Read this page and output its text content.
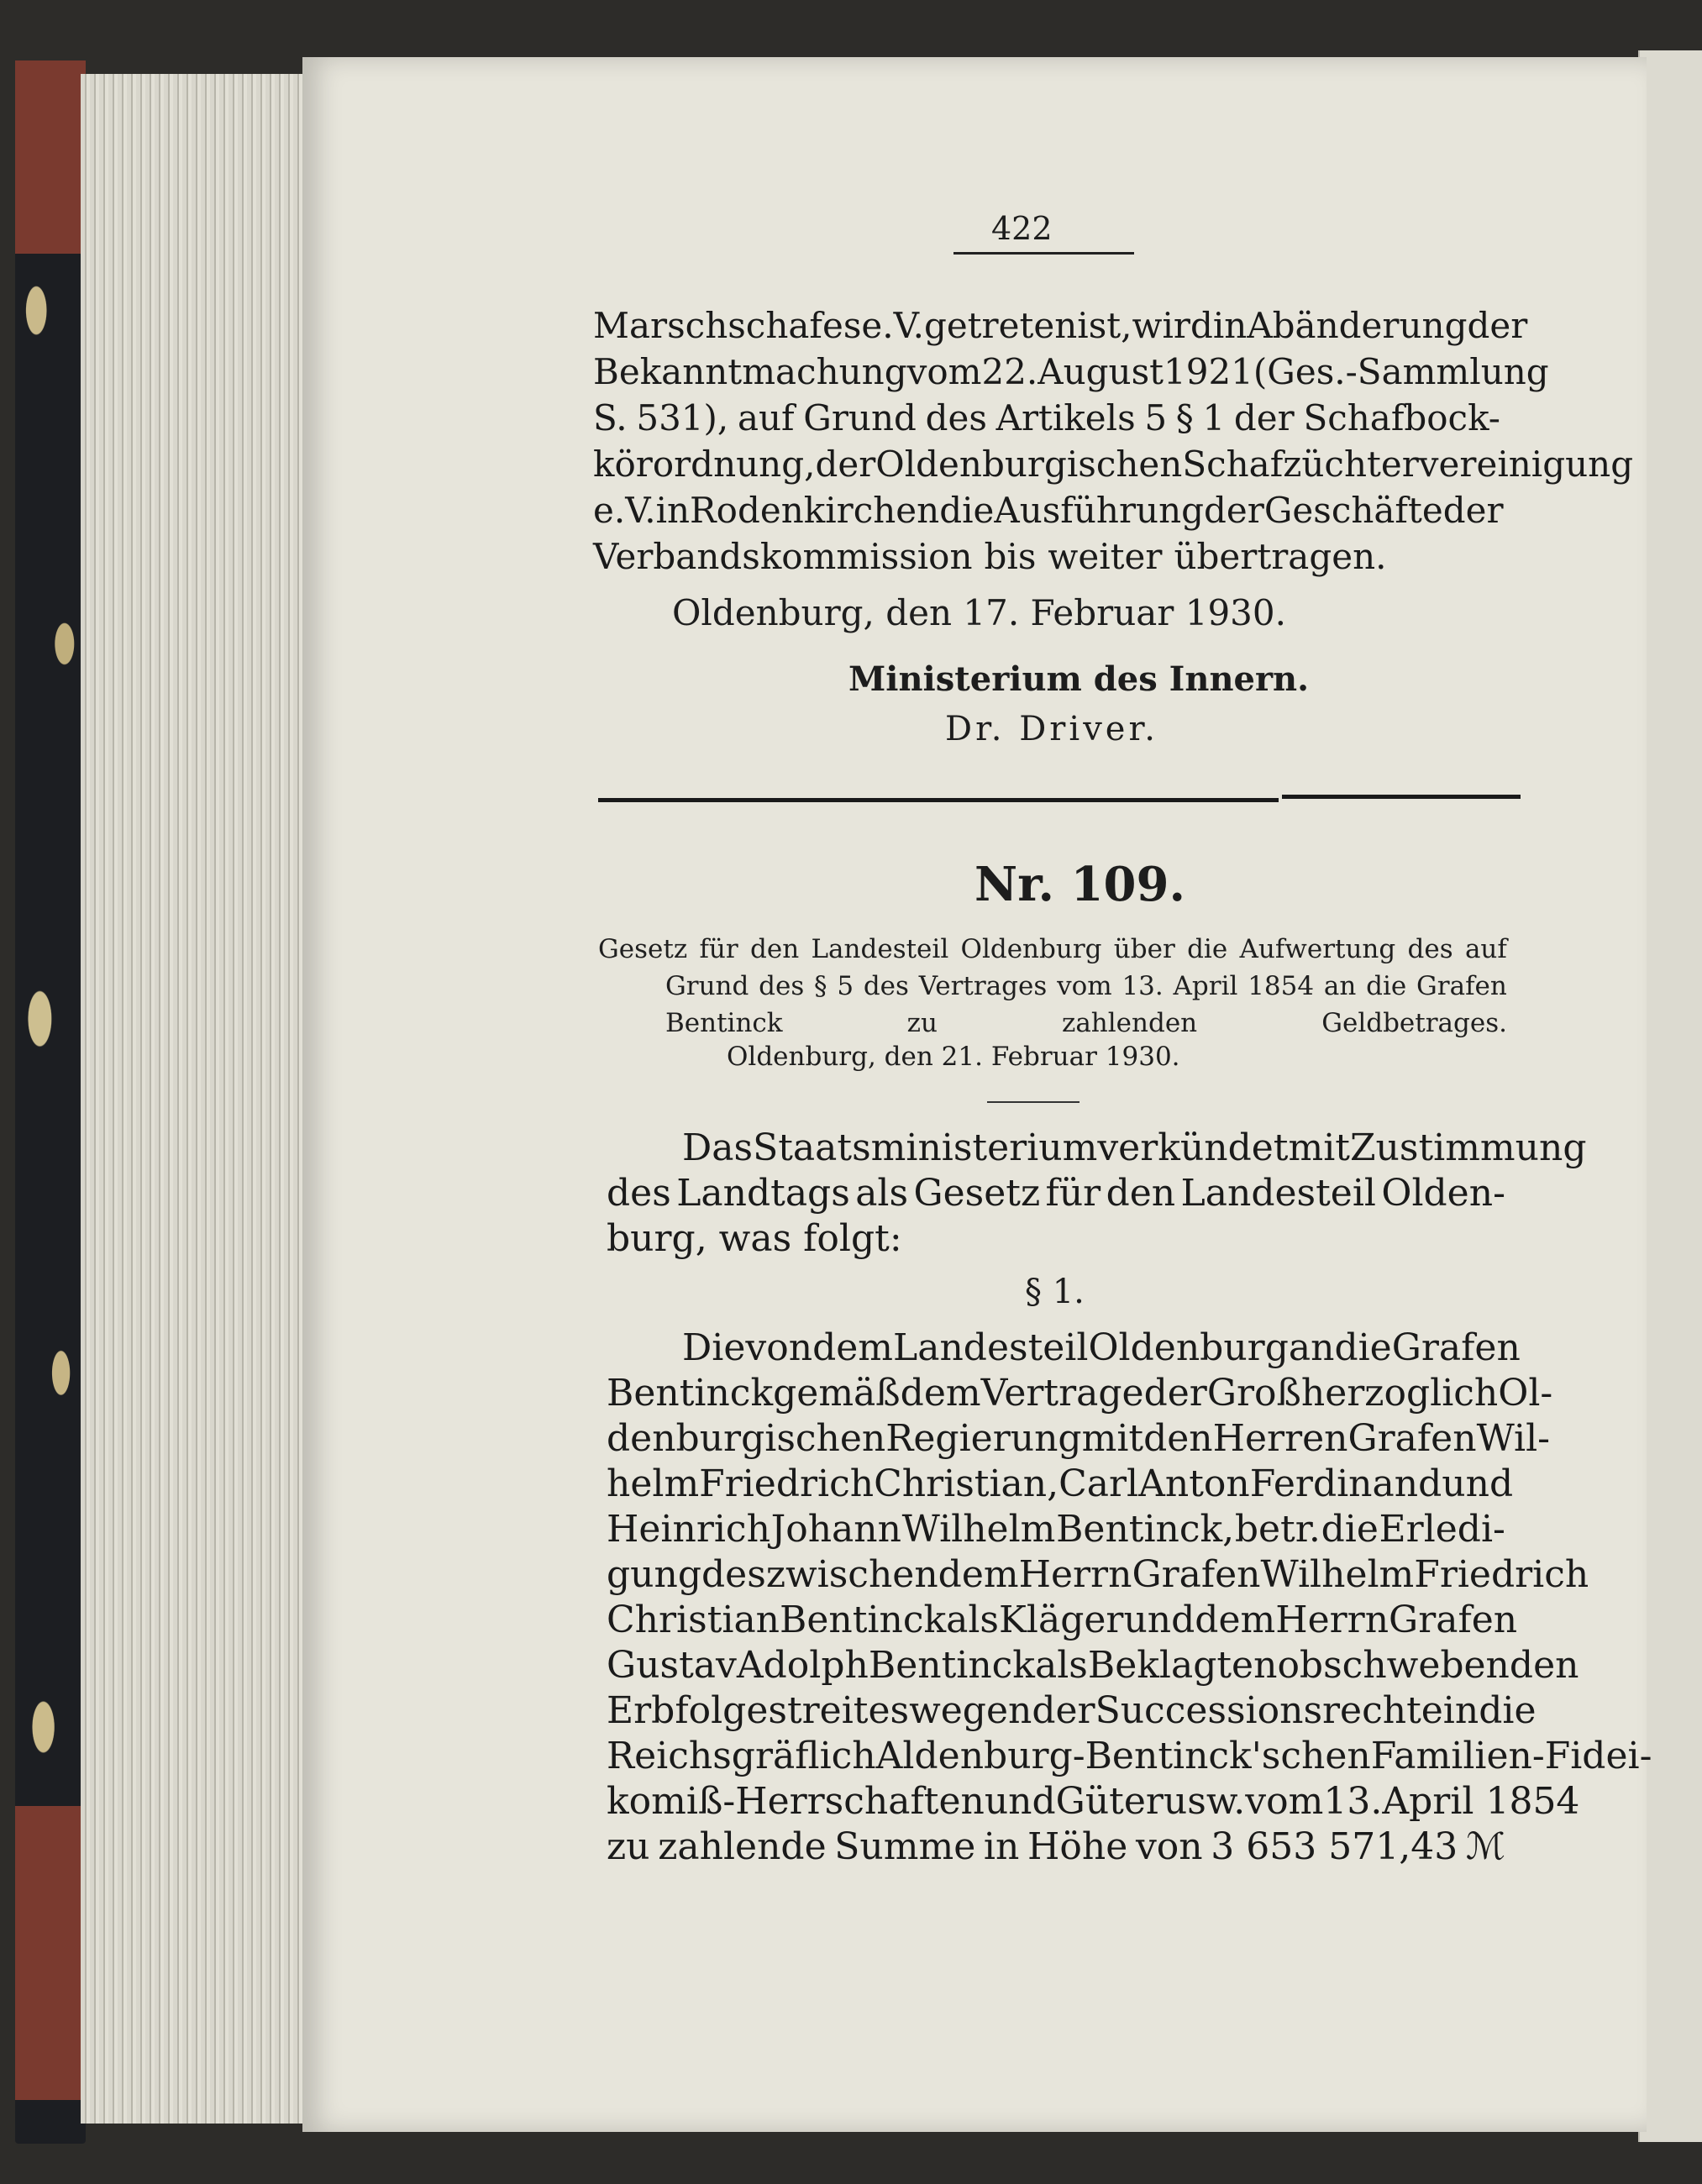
422
Marschschafes e. V. getreten ist, wird in Abänderung der
Bekanntmachung vom 22. August 1921 (Ges.-Sammlung
S. 531), auf Grund des Artikels 5 § 1 der Schafbock-
körordnung, der Oldenburgischen Schafzüchtervereinigung
e. V. in Rodenkirchen die Ausführung der Geschäfte der
Verbandskommission bis weiter übertragen.
Oldenburg, den 17. Februar 1930.
Ministerium des Innern.
Dr. Driver.
Nr. 109.
Gesetz für den Landesteil Oldenburg über die Aufwertung des auf
Grund des § 5 des Vertrages vom 13. April 1854 an die Grafen
Bentinck	zu	zahlenden	Geldbetrages.
Oldenburg, den 21. Februar 1930.
Das Staatsministerium verkündet mit Zustimmung
des Landtags als Gesetz für den Landesteil Olden-
burg, was folgt:
§ 1.
Die von dem Landesteil Oldenburg an die Grafen
Bentinck gemäß dem Vertrage der Großherzoglich Ol-
denburgischen Regierung mit den Herren Grafen Wil-
helm Friedrich Christian, Carl Anton Ferdinand und
Heinrich Johann Wilhelm Bentinck, betr. die Erledi-
gung des zwischen dem Herrn Grafen Wilhelm Friedrich
Christian Bentinck als Kläger und dem Herrn Grafen
Gustav Adolph Bentinck als Beklagten obschwebenden
Erbfolgestreites wegen der Successionsrechte in die
Reichsgräflich Aldenburg-Bentinck'schen Familien-Fidei-
komiß-Herrschaften und Güter usw. vom 13. April 1854
zu zahlende Summe in Höhe von 3 653 571,43 ℳ
